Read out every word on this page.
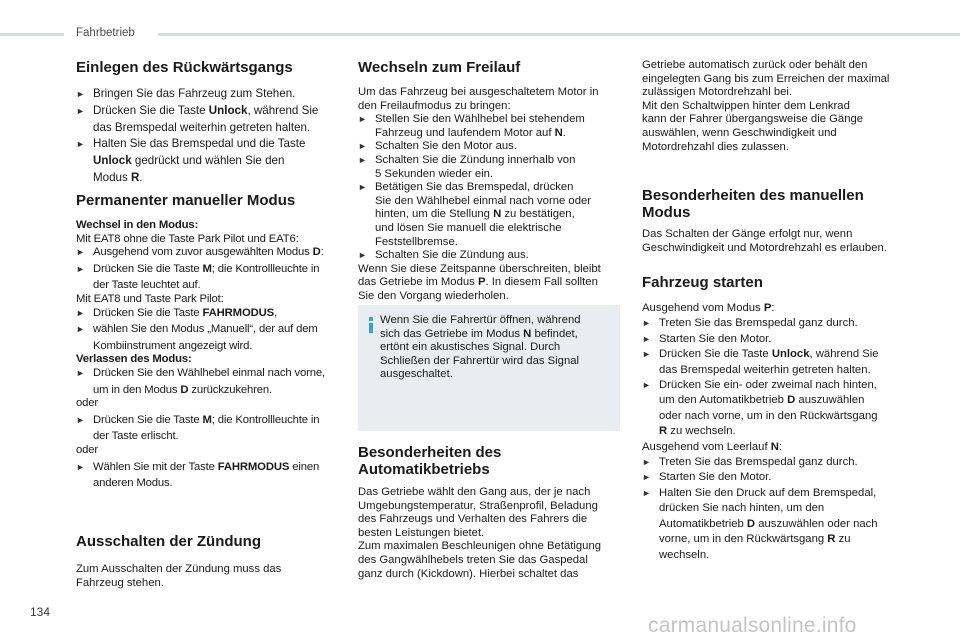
Fahrbetrieb
Einlegen des Rückwärtsgangs
► Bringen Sie das Fahrzeug zum Stehen.
► Drücken Sie die Taste Unlock, während Sie
das Bremspedal weiterhin getreten halten.
► Halten Sie das Bremspedal und die Taste
Unlock gedrückt und wählen Sie den
Modus R.
Permanenter manueller Modus
Wechsel in den Modus:
Mit EAT8 ohne die Taste Park Pilot und EAT6:
► Ausgehend vom zuvor ausgewählten Modus D:
► Drücken Sie die Taste M; die Kontrollleuchte in
der Taste leuchtet auf.
Mit EAT8 und Taste Park Pilot:
► Drücken Sie die Taste FAHRMODUS,
► wählen Sie den Modus „Manuell“, der auf dem
Kombiinstrument angezeigt wird.
Verlassen des Modus:
► Drücken Sie den Wählhebel einmal nach vorne,
um in den Modus D zurückzukehren.
oder
► Drücken Sie die Taste M; die Kontrollleuchte in
der Taste erlischt.
oder
► Wählen Sie mit der Taste FAHRMODUS einen
anderen Modus.
Ausschalten der Zündung
Zum Ausschalten der Zündung muss das
Fahrzeug stehen.
Wechseln zum Freilauf
Um das Fahrzeug bei ausgeschaltetem Motor in
den Freilaufmodus zu bringen:
► Stellen Sie den Wählhebel bei stehendem
Fahrzeug und laufendem Motor auf N.
► Schalten Sie den Motor aus.
► Schalten Sie die Zündung innerhalb von
5 Sekunden wieder ein.
► Betätigen Sie das Bremspedal, drücken
Sie den Wählhebel einmal nach vorne oder
hinten, um die Stellung N zu bestätigen,
und lösen Sie manuell die elektrische
Feststellbremse.
► Schalten Sie die Zündung aus.
Wenn Sie diese Zeitspanne überschreiten, bleibt
das Getriebe im Modus P. In diesem Fall sollten
Sie den Vorgang wiederholen.
Besonderheiten des
Automatikbetriebs
Das Getriebe wählt den Gang aus, der je nach
Umgebungstemperatur, Straßenprofil, Beladung
des Fahrzeugs und Verhalten des Fahrers die
besten Leistungen bietet.
Zum maximalen Beschleunigen ohne Betätigung
des Gangwählhebels treten Sie das Gaspedal
ganz durch (Kickdown). Hierbei schaltet das
Wenn Sie die Fahrertür öffnen, während
sich das Getriebe im Modus N befindet,
ertönt ein akustisches Signal. Durch
Schließen der Fahrertür wird das Signal
ausgeschaltet.
Getriebe automatisch zurück oder behält den
eingelegten Gang bis zum Erreichen der maximal
zulässigen Motordrehzahl bei.
Mit den Schaltwippen hinter dem Lenkrad
kann der Fahrer übergangsweise die Gänge
auswählen, wenn Geschwindigkeit und
Motordrehzahl dies zulassen.
Besonderheiten des manuellen
Modus
Das Schalten der Gänge erfolgt nur, wenn
Geschwindigkeit und Motordrehzahl es erlauben.
Fahrzeug starten
Ausgehend vom Modus P:
► Treten Sie das Bremspedal ganz durch.
► Starten Sie den Motor.
► Drücken Sie die Taste Unlock, während Sie
das Bremspedal weiterhin getreten halten.
► Drücken Sie ein- oder zweimal nach hinten,
um den Automatikbetrieb D auszuwählen
oder nach vorne, um in den Rückwärtsgang
R zu wechseln.
Ausgehend vom Leerlauf N:
► Treten Sie das Bremspedal ganz durch.
► Starten Sie den Motor.
► Halten Sie den Druck auf dem Bremspedal,
drücken Sie nach hinten, um den
Automatikbetrieb D auszuwählen oder nach
vorne, um in den Rückwärtsgang R zu
wechseln.
134
carmanualsonline.info
